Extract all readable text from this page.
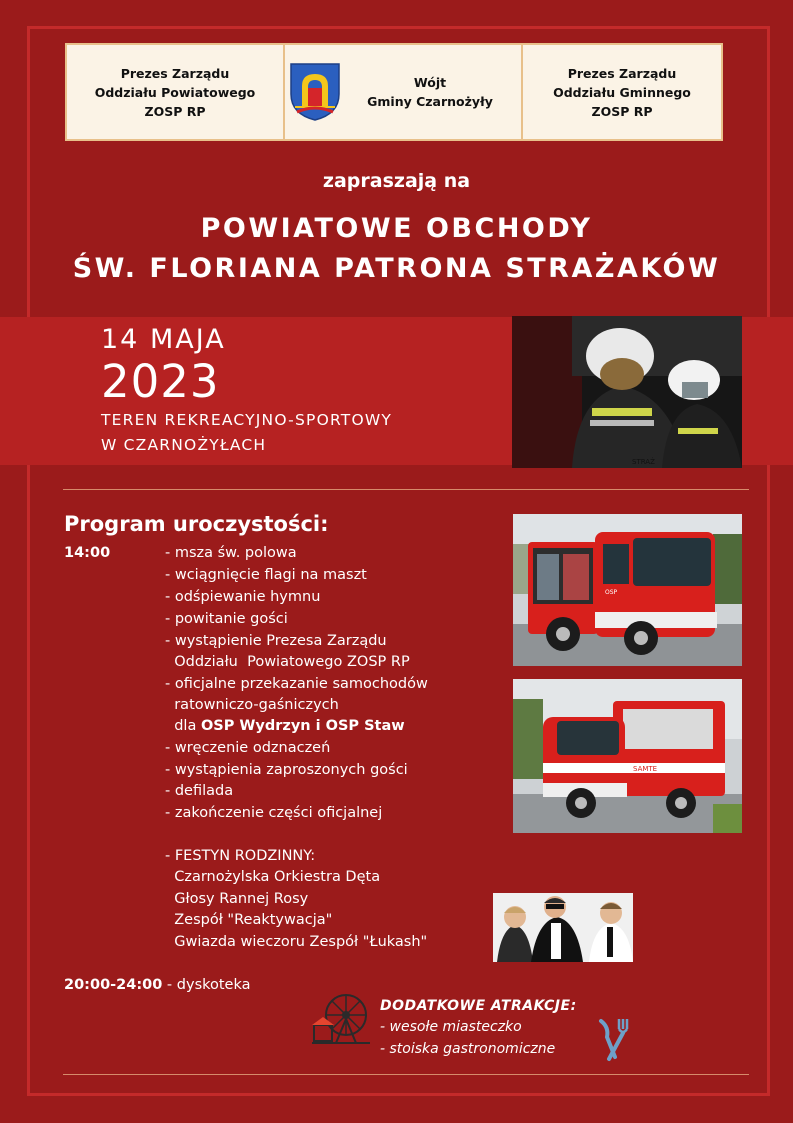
Prezes Zarządu
Oddziału Powiatowego
ZOSP RP
Wójt
Gminy Czarnożyły
Prezes Zarządu
Oddziału Gminnego
ZOSP RP
zapraszają na
POWIATOWE OBCHODY
ŚW. FLORIANA PATRONA STRAŻAKÓW
14 MAJA
2023
TEREN REKREACYJNO-SPORTOWY
W CZARNOŻYŁACH
STRAŻ
Program uroczystości:
14:00	- msza św. polowa
- wciągnięcie flagi na maszt
- odśpiewanie hymnu
- powitanie gości
- wystąpienie Prezesa Zarządu
Oddziału  Powiatowego ZOSP RP
- oficjalne przekazanie samochodów
ratowniczo-gaśniczych
dla OSP Wydrzyn i OSP Staw
- wręczenie odznaczeń
- wystąpienia zaproszonych gości
- defilada
- zakończenie części oficjalnej
- FESTYN RODZINNY:
Czarnożylska Orkiestra Dęta
Głosy Rannej Rosy
Zespół "Reaktywacja"
Gwiazda wieczoru Zespół "Łukash"
20:00-24:00 - dyskoteka
OSP
SAMTE
DODATKOWE ATRAKCJE:
- wesołe miasteczko
- stoiska gastronomiczne
